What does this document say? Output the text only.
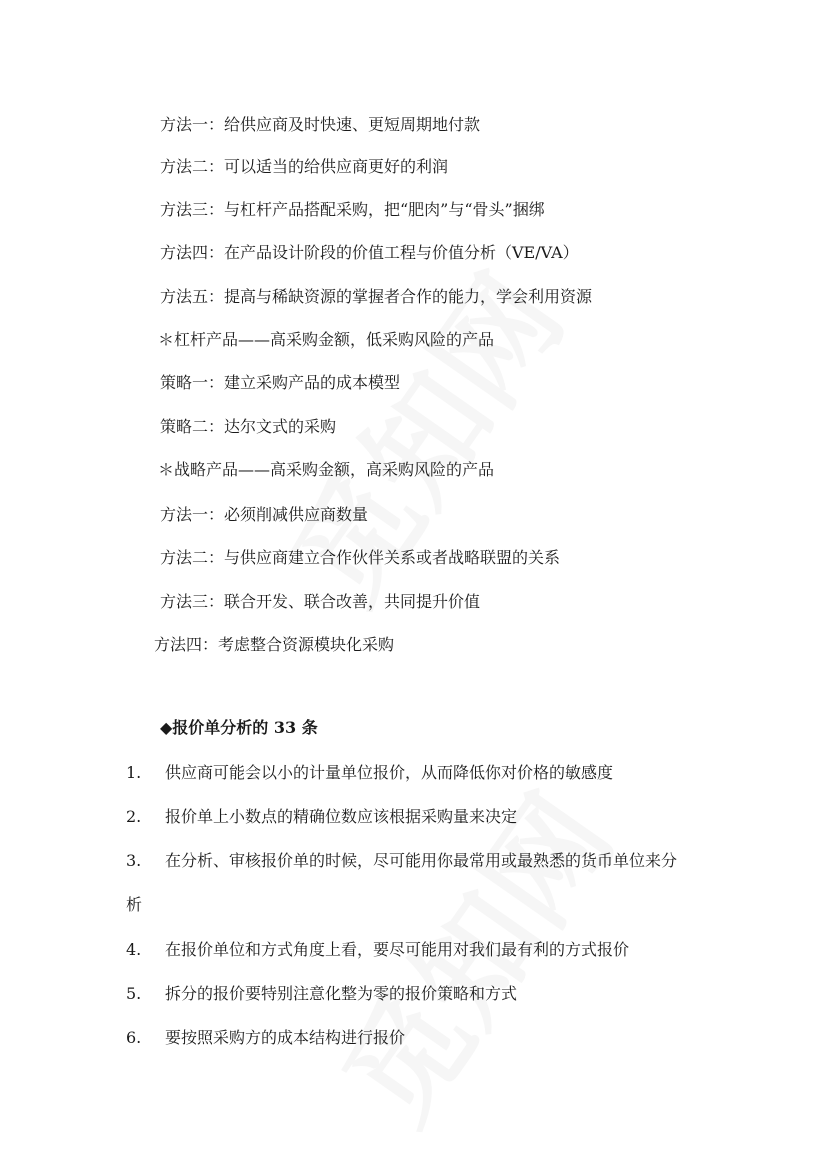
方法一：给供应商及时快速、更短周期地付款
方法二：可以适当的给供应商更好的利润
方法三：与杠杆产品搭配采购，把“肥肉”与“骨头”捆绑
方法四：在产品设计阶段的价值工程与价值分析（VE/VA）
方法五：提高与稀缺资源的掌握者合作的能力，学会利用资源
＊杠杆产品——高采购金额，低采购风险的产品
策略一：建立采购产品的成本模型
策略二：达尔文式的采购
＊战略产品——高采购金额，高采购风险的产品
方法一：必须削减供应商数量
方法二：与供应商建立合作伙伴关系或者战略联盟的关系
方法三：联合开发、联合改善，共同提升价值
方法四：考虑整合资源模块化采购
◆报价单分析的 33 条
1. 供应商可能会以小的计量单位报价，从而降低你对价格的敏感度
2. 报价单上小数点的精确位数应该根据采购量来决定
3. 在分析、审核报价单的时候，尽可能用你最常用或最熟悉的货币单位来分
析
4. 在报价单位和方式角度上看，要尽可能用对我们最有利的方式报价
5. 拆分的报价要特别注意化整为零的报价策略和方式
6. 要按照采购方的成本结构进行报价
